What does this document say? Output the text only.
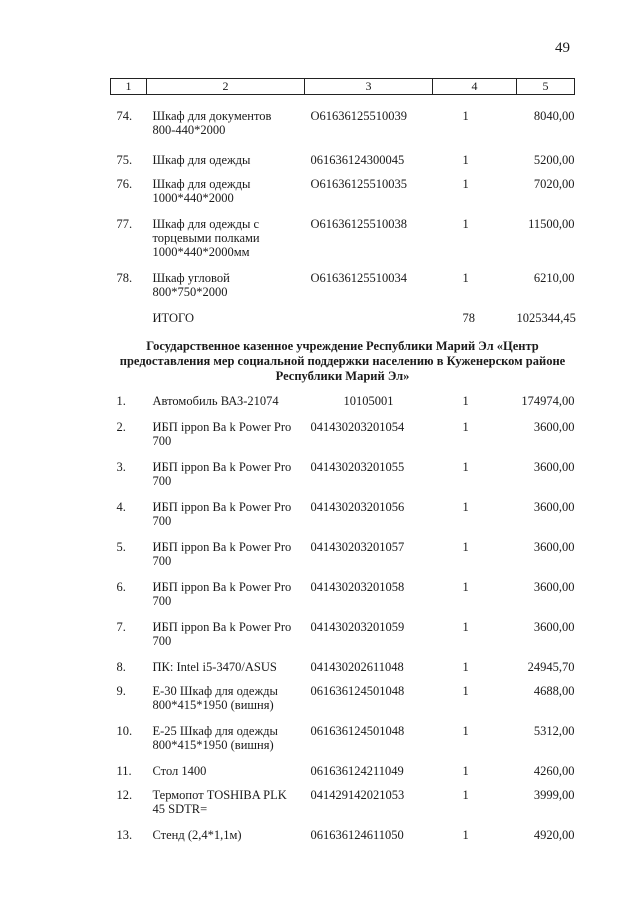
49
1	2	3	4	5

74.	Шкаф для документов
800-440*2000	О61636125510039	1	8040,00
75.	Шкаф для одежды	061636124300045	1	5200,00
76.	Шкаф для одежды
1000*440*2000	О61636125510035	1	7020,00
77.	Шкаф для одежды с
торцевыми полками
1000*440*2000мм	О61636125510038	1	11500,00
78.	Шкаф угловой
800*750*2000	О61636125510034	1	6210,00
	ИТОГО		78	1025344,45

Государственное казенное учреждение Республики Марий Эл «Центр
предоставления мер социальной поддержки населению в Куженерском районе
Республики Марий Эл»				

1.	Автомобиль ВАЗ-21074	10105001	1	174974,00
2.	ИБП ippon Ba k Power Pro
700	041430203201054	1	3600,00
3.	ИБП ippon Ba k Power Pro
700	041430203201055	1	3600,00
4.	ИБП ippon Ba k Power Pro
700	041430203201056	1	3600,00
5.	ИБП ippon Ba k Power Pro
700	041430203201057	1	3600,00
6.	ИБП ippon Ba k Power Pro
700	041430203201058	1	3600,00
7.	ИБП ippon Ba k Power Pro
700	041430203201059	1	3600,00
8.	ПК: Intel i5-3470/ASUS	041430202611048	1	24945,70
9.	Е-30 Шкаф для одежды
800*415*1950 (вишня)	061636124501048	1	4688,00
10.	Е-25 Шкаф для одежды
800*415*1950 (вишня)	061636124501048	1	5312,00
11.	Стол 1400	061636124211049	1	4260,00
12.	Термопот TOSHIBA PLK
45 SDTR=	041429142021053	1	3999,00
13.	Стенд (2,4*1,1м)	061636124611050	1	4920,00
